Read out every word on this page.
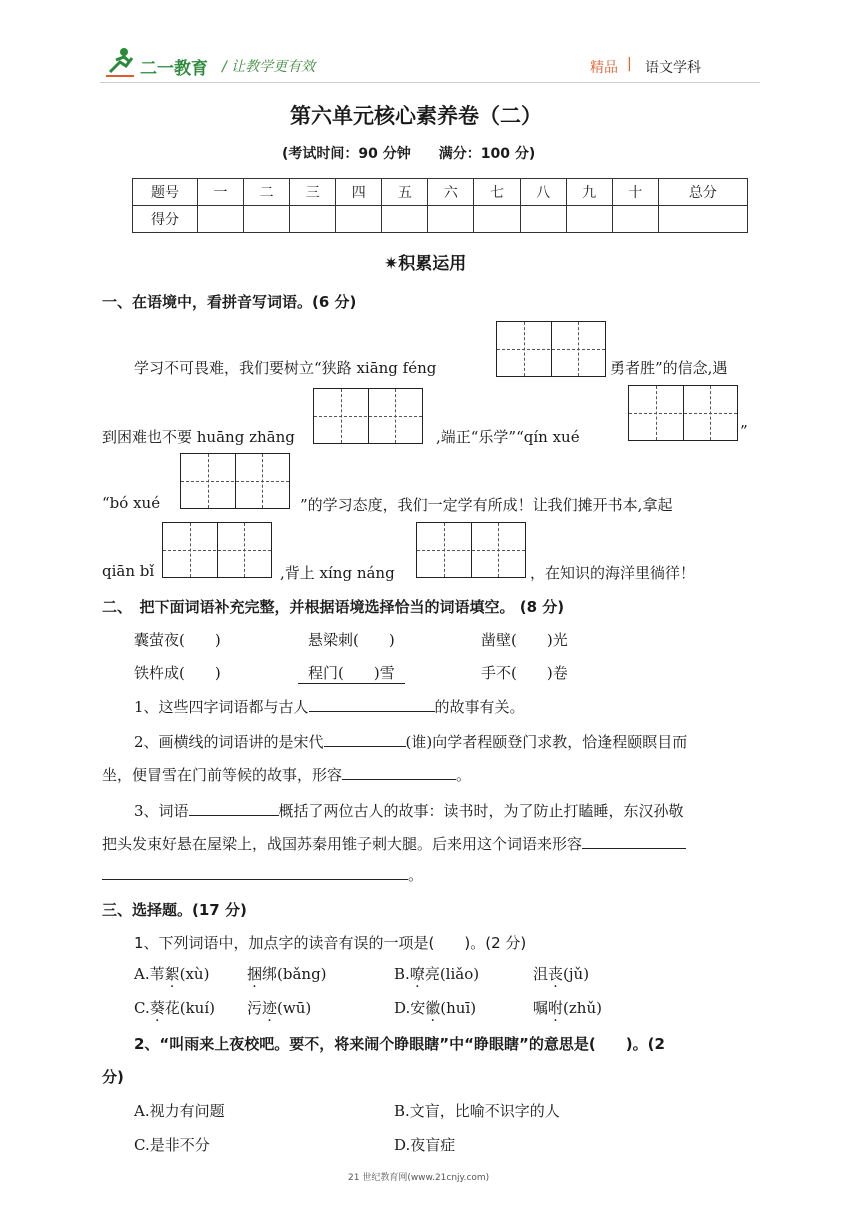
二一教育 / 让教学更有效	精品 | 语文学科
第六单元核心素养卷（二）
(考试时间：90 分钟　　满分：100 分)
题号	一	二	三	四	五	六	七	八	九	十	总分
得分											
✷积累运用
一、在语境中，看拼音写词语。(6 分)
学习不可畏难，我们要树立“狭路 xiāng féng	勇者胜”的信念,遇
到困难也不要 huāng zhāng	,端正“乐学”“qín xué	”
“bó xué	”的学习态度，我们一定学有所成！让我们摊开书本,拿起
qiān bǐ	,背上 xíng náng	，在知识的海洋里徜徉！
二、　把下面词语补充完整，并根据语境选择恰当的词语填空。 (8 分)
囊萤夜(　　)	悬梁刺(　　)	凿壁(　　)光
铁杵成(　　)	程门(　　)雪	手不(　　)卷
1、这些四字词语都与古人	的故事有关。
2、画横线的词语讲的是宋代	(谁)向学者程颐登门求教，恰逢程颐瞑目而
坐，便冒雪在门前等候的故事，形容	。
3、词语	概括了两位古人的故事：读书时，为了防止打瞌睡，东汉孙敬
把头发束好悬在屋梁上，战国苏秦用锥子刺大腿。后来用这个词语来形容
。
三、选择题。(17 分)
1、下列词语中，加点字的读音有误的一项是(　　)。(2 分)
A.苇絮(xù)	捆绑(bǎng)	B.嘹亮(liǎo)	沮丧(jǔ)
C.葵花(kuí) 污迹(wū)	D.安徽(huī)	嘱咐(zhǔ)
2、“叫雨来上夜校吧。要不，将来闹个睁眼瞎”中“睁眼瞎”的意思是(　　)。(2
分)
A.视力有问题	B.文盲，比喻不识字的人
C.是非不分	D.夜盲症
21 世纪教育网(www.21cnjy.com)
